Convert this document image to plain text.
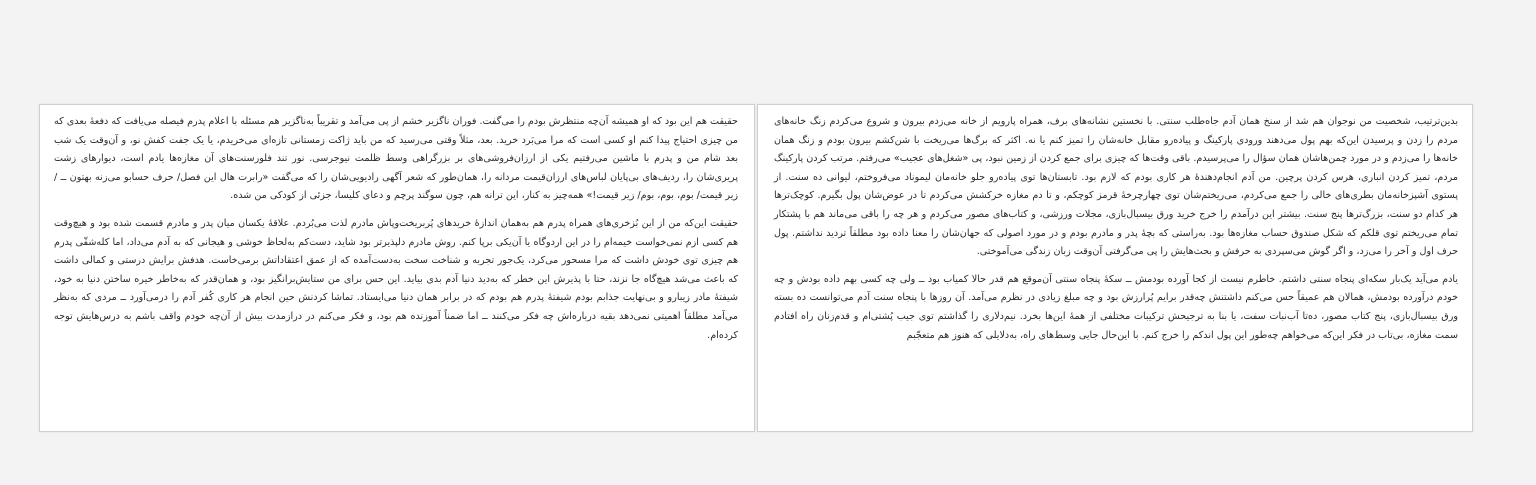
حقیقت هم این بود که او همیشه آن‌چه منتظرش بودم را می‌گفت. فوران ناگزیر خشم از پی می‌آمد و تقریباً به‌ناگزیر هم مسئله با اعلام پدرم فیصله می‌یافت که دفعهٔ بعدی که من چیزی احتیاج پیدا کنم او کسی است که مرا می‌بَرد خرید. بعد، مثلاً وقتی می‌رسید که من باید ژاکت زمستانی تازه‌ای می‌خریدم، یا یک جفت کفش نو، و آن‌وقت یک شب بعد شام من و پدرم با ماشین می‌رفتیم یکی از ارزان‌فروشی‌های بر بزرگراهی وسط ظلمت نیوجرسی. نور تند فلورسنت‌های آن مغازه‌ها یادم است، دیوارهای زشت پریری‌شان را، ردیف‌های بی‌پایان لباس‌های ارزان‌قیمت مردانه را، همان‌طور که شعر آگهی رادیویی‌شان را که می‌گفت «رابرت هال این فصل/ حرف حسابو می‌زنه بهتون ــ / زیر قیمت/ بوم، بوم، بوم/ زیر قیمت!» همه‌چیز به کنار، این ترانه هم، چون سوگند پرچم و دعای کلیسا، جزئی از کودکی من شده.

حقیقت این‌که من از این بُزخری‌های همراه پدرم هم به‌همان اندازهٔ خریدهای پُربریخت‌وپاش مادرم لذت می‌بُردم. علاقهٔ یکسان میان پدر و مادرم قسمت شده بود و هیچ‌وقت هم کسی ازم نمی‌خواست خیمه‌ام را در این اردوگاه یا آن‌یکی برپا کنم. روش مادرم دلپذیرتر بود شاید، دست‌کم به‌لحاظ خوشی و هیجانی که به آدم می‌داد، اما کله‌شقّی پدرم هم چیزی توی خودش داشت که مرا مسحور می‌کرد، یک‌جور تجربه و شناخت سخت به‌دست‌آمده که از عمق اعتقاداتش برمی‌خاست. هدفش برایش درستی و کمالی داشت که باعث می‌شد هیچ‌گاه جا نزند، حتا با پذیرش این خطر که به‌دید دنیا آدم بدی بیاید. این حس برای من ستایش‌برانگیز بود، و همان‌قدر که به‌خاطر خیره ساختن دنیا به خود، شیفتهٔ مادر زیبارو و بی‌نهایت جذابم بودم شیفتهٔ پدرم هم بودم که در برابر همان دنیا می‌ایستاد. تماشا کردنش حین انجام هر کاری کُفر آدم را درمی‌آورد ــ مردی که به‌نظر می‌آمد مطلقاً اهمیتی نمی‌دهد بقیه درباره‌اش چه فکر می‌کنند ــ اما ضمناً آموزنده هم بود، و فکر می‌کنم در درازمدت بیش از آن‌چه خودم واقف باشم به درس‌هایش توجه کرده‌ام.

بدین‌ترتیب، شخصیت من نوجوان هم شد از سنخ همان آدم جاه‌طلب سنتی. با نخستین نشانه‌های برف، همراه پارویم از خانه می‌زدم بیرون و شروع می‌کردم زنگ خانه‌های مردم را زدن و پرسیدن این‌که بهم پول می‌دهند ورودی پارکینگ و پیاده‌رو مقابل خانه‌شان را تمیز کنم یا نه. اکثر که برگ‌ها می‌ریخت با شن‌کشم بیرون بودم و زنگ همان خانه‌ها را می‌زدم و در مورد چمن‌هاشان همان سؤال را می‌پرسیدم. باقی وقت‌ها که چیزی برای جمع کردن از زمین نبود، پی «شغل‌های عجیب» می‌رفتم. مرتب کردن پارکینگ مردم، تمیز کردن انباری، هرس کردن پرچین. من آدم انجام‌دهندهٔ هر کاری بودم که لازم بود. تابستان‌ها توی پیاده‌رو جلو خانه‌مان لیموناد می‌فروختم، لیوانی ده سنت. از پستوی آشپزخانه‌مان بطری‌های خالی را جمع می‌کردم، می‌ریختم‌شان توی چهارچرخهٔ قرمز کوچکم، و تا دم مغازه خرکشش می‌کردم تا در عوض‌شان پول بگیرم. کوچک‌ترها هر کدام دو سنت، بزرگ‌ترها پنج سنت. بیشتر این درآمدم را خرج خرید ورق بیسبال‌بازی، مجلات ورزشی، و کتاب‌های مصور می‌کردم و هر چه را باقی می‌ماند هم با پشتکار تمام می‌ریختم توی قلکم که شکل صندوق حساب مغازه‌ها بود. به‌راستی که بچهٔ پدر و مادرم بودم و در مورد اصولی که جهان‌شان را معنا داده بود مطلقاً تردید نداشتم. پول حرف اول و آخر را می‌زد، و اگر گوش می‌سپردی به حرفش و بحث‌هایش را پی می‌گرفتی آن‌وقت زبان زندگی می‌آموختی.

یادم می‌آید یک‌بار سکه‌ای پنجاه سنتی داشتم. خاطرم نیست از کجا آورده بودمش ــ سکهٔ پنجاه سنتی آن‌موقع هم قدر حالا کمیاب بود ــ ولی چه کسی بهم داده بودش و چه خودم درآورده بودمش، همالان هم عمیقاً حس می‌کنم داشتنش چه‌قدر برایم پُرارزش بود و چه مبلغ زیادی در نظرم می‌آمد. آن روزها با پنجاه سنت آدم می‌توانست ده بسته ورق بیسبال‌بازی، پنج کتاب مصور، ده‌تا آب‌نبات سفت، یا بنا به ترجیحش ترکیبات مختلفی از همهٔ این‌ها بخرد. نیم‌دلاری را گذاشتم توی جیب پُشتی‌ام و قدم‌زنان راه افتادم سمت مغازه، بی‌تاب در فکر این‌که می‌خواهم چه‌طور این پول اندکم را خرج کنم. با این‌حال جایی وسط‌های راه، به‌دلایلی که هنوز هم متعجّبم
